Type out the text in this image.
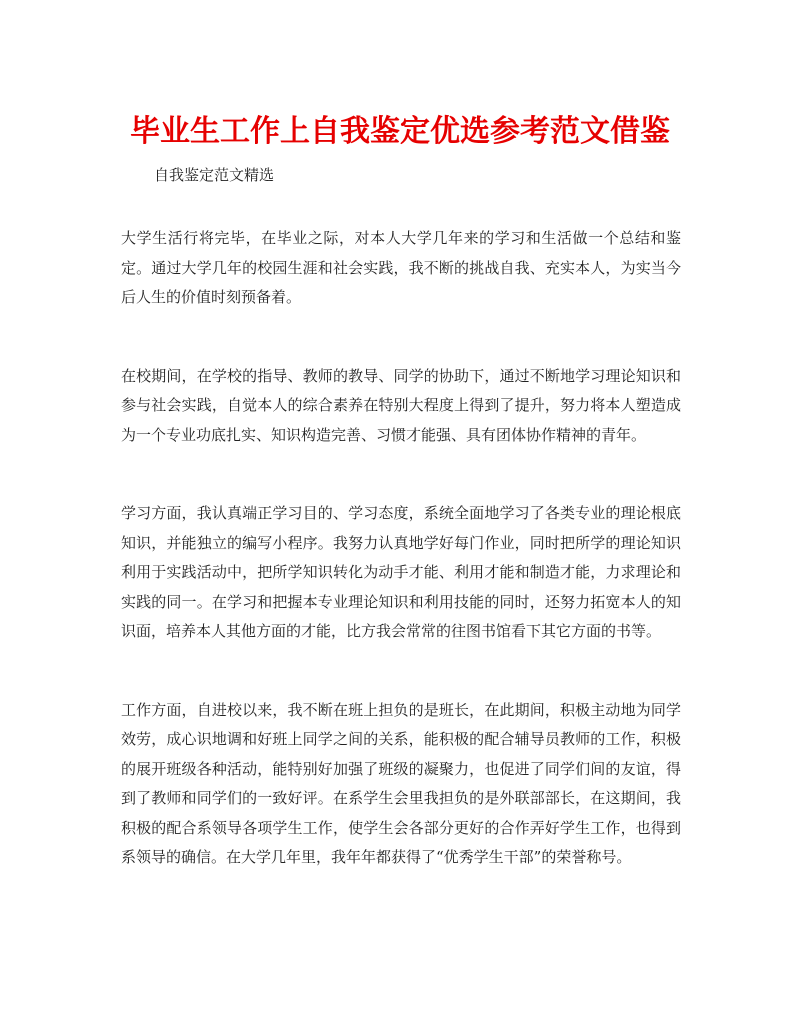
毕业生工作上自我鉴定优选参考范文借鉴
自我鉴定范文精选

大学生活行将完毕，在毕业之际，对本人大学几年来的学习和生活做一个总结和鉴定。通过大学几年的校园生涯和社会实践，我不断的挑战自我、充实本人，为实当今后人生的价值时刻预备着。

在校期间，在学校的指导、教师的教导、同学的协助下，通过不断地学习理论知识和参与社会实践，自觉本人的综合素养在特别大程度上得到了提升，努力将本人塑造成为一个专业功底扎实、知识构造完善、习惯才能强、具有团体协作精神的青年。

学习方面，我认真端正学习目的、学习态度，系统全面地学习了各类专业的理论根底知识，并能独立的编写小程序。我努力认真地学好每门作业，同时把所学的理论知识利用于实践活动中，把所学知识转化为动手才能、利用才能和制造才能，力求理论和实践的同一。在学习和把握本专业理论知识和利用技能的同时，还努力拓宽本人的知识面，培养本人其他方面的才能，比方我会常常的往图书馆看下其它方面的书等。

工作方面，自进校以来，我不断在班上担负的是班长，在此期间，积极主动地为同学效劳，成心识地调和好班上同学之间的关系，能积极的配合辅导员教师的工作，积极的展开班级各种活动，能特别好加强了班级的凝聚力，也促进了同学们间的友谊，得到了教师和同学们的一致好评。在系学生会里我担负的是外联部部长，在这期间，我积极的配合系领导各项学生工作，使学生会各部分更好的合作弄好学生工作，也得到系领导的确信。在大学几年里，我年年都获得了“优秀学生干部”的荣誉称号。
